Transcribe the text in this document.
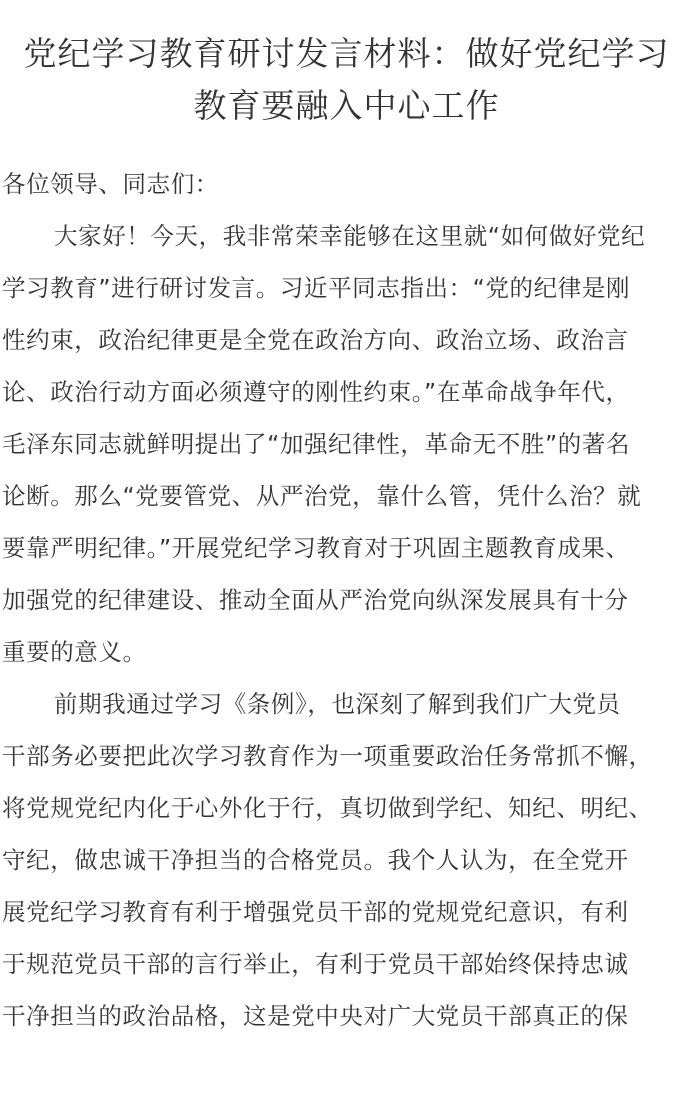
党纪学习教育研讨发言材料：做好党纪学习
教育要融入中心工作
各位领导、同志们：
大家好！今天，我非常荣幸能够在这里就“如何做好党纪
学习教育”进行研讨发言。习近平同志指出：“党的纪律是刚
性约束，政治纪律更是全党在政治方向、政治立场、政治言
论、政治行动方面必须遵守的刚性约束。”在革命战争年代，
毛泽东同志就鲜明提出了“加强纪律性，革命无不胜”的著名
论断。那么“党要管党、从严治党，靠什么管，凭什么治？就
要靠严明纪律。”开展党纪学习教育对于巩固主题教育成果、
加强党的纪律建设、推动全面从严治党向纵深发展具有十分
重要的意义。
前期我通过学习《条例》，也深刻了解到我们广大党员
干部务必要把此次学习教育作为一项重要政治任务常抓不懈，
将党规党纪内化于心外化于行，真切做到学纪、知纪、明纪、
守纪，做忠诚干净担当的合格党员。我个人认为，在全党开
展党纪学习教育有利于增强党员干部的党规党纪意识，有利
于规范党员干部的言行举止，有利于党员干部始终保持忠诚
干净担当的政治品格，这是党中央对广大党员干部真正的保
